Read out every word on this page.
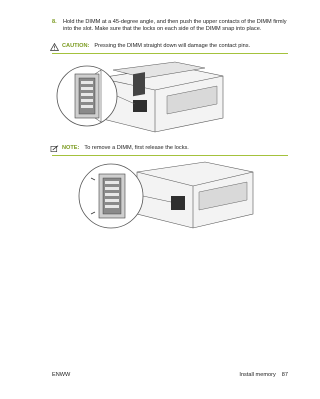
8. Hold the DIMM at a 45-degree angle, and then push the upper contacts of the DIMM firmly into the slot. Make sure that the locks on each side of the DIMM snap into place.
CAUTION: Pressing the DIMM straight down will damage the contact pins.
NOTE: To remove a DIMM, first release the locks.
ENWW	Install memory 87
